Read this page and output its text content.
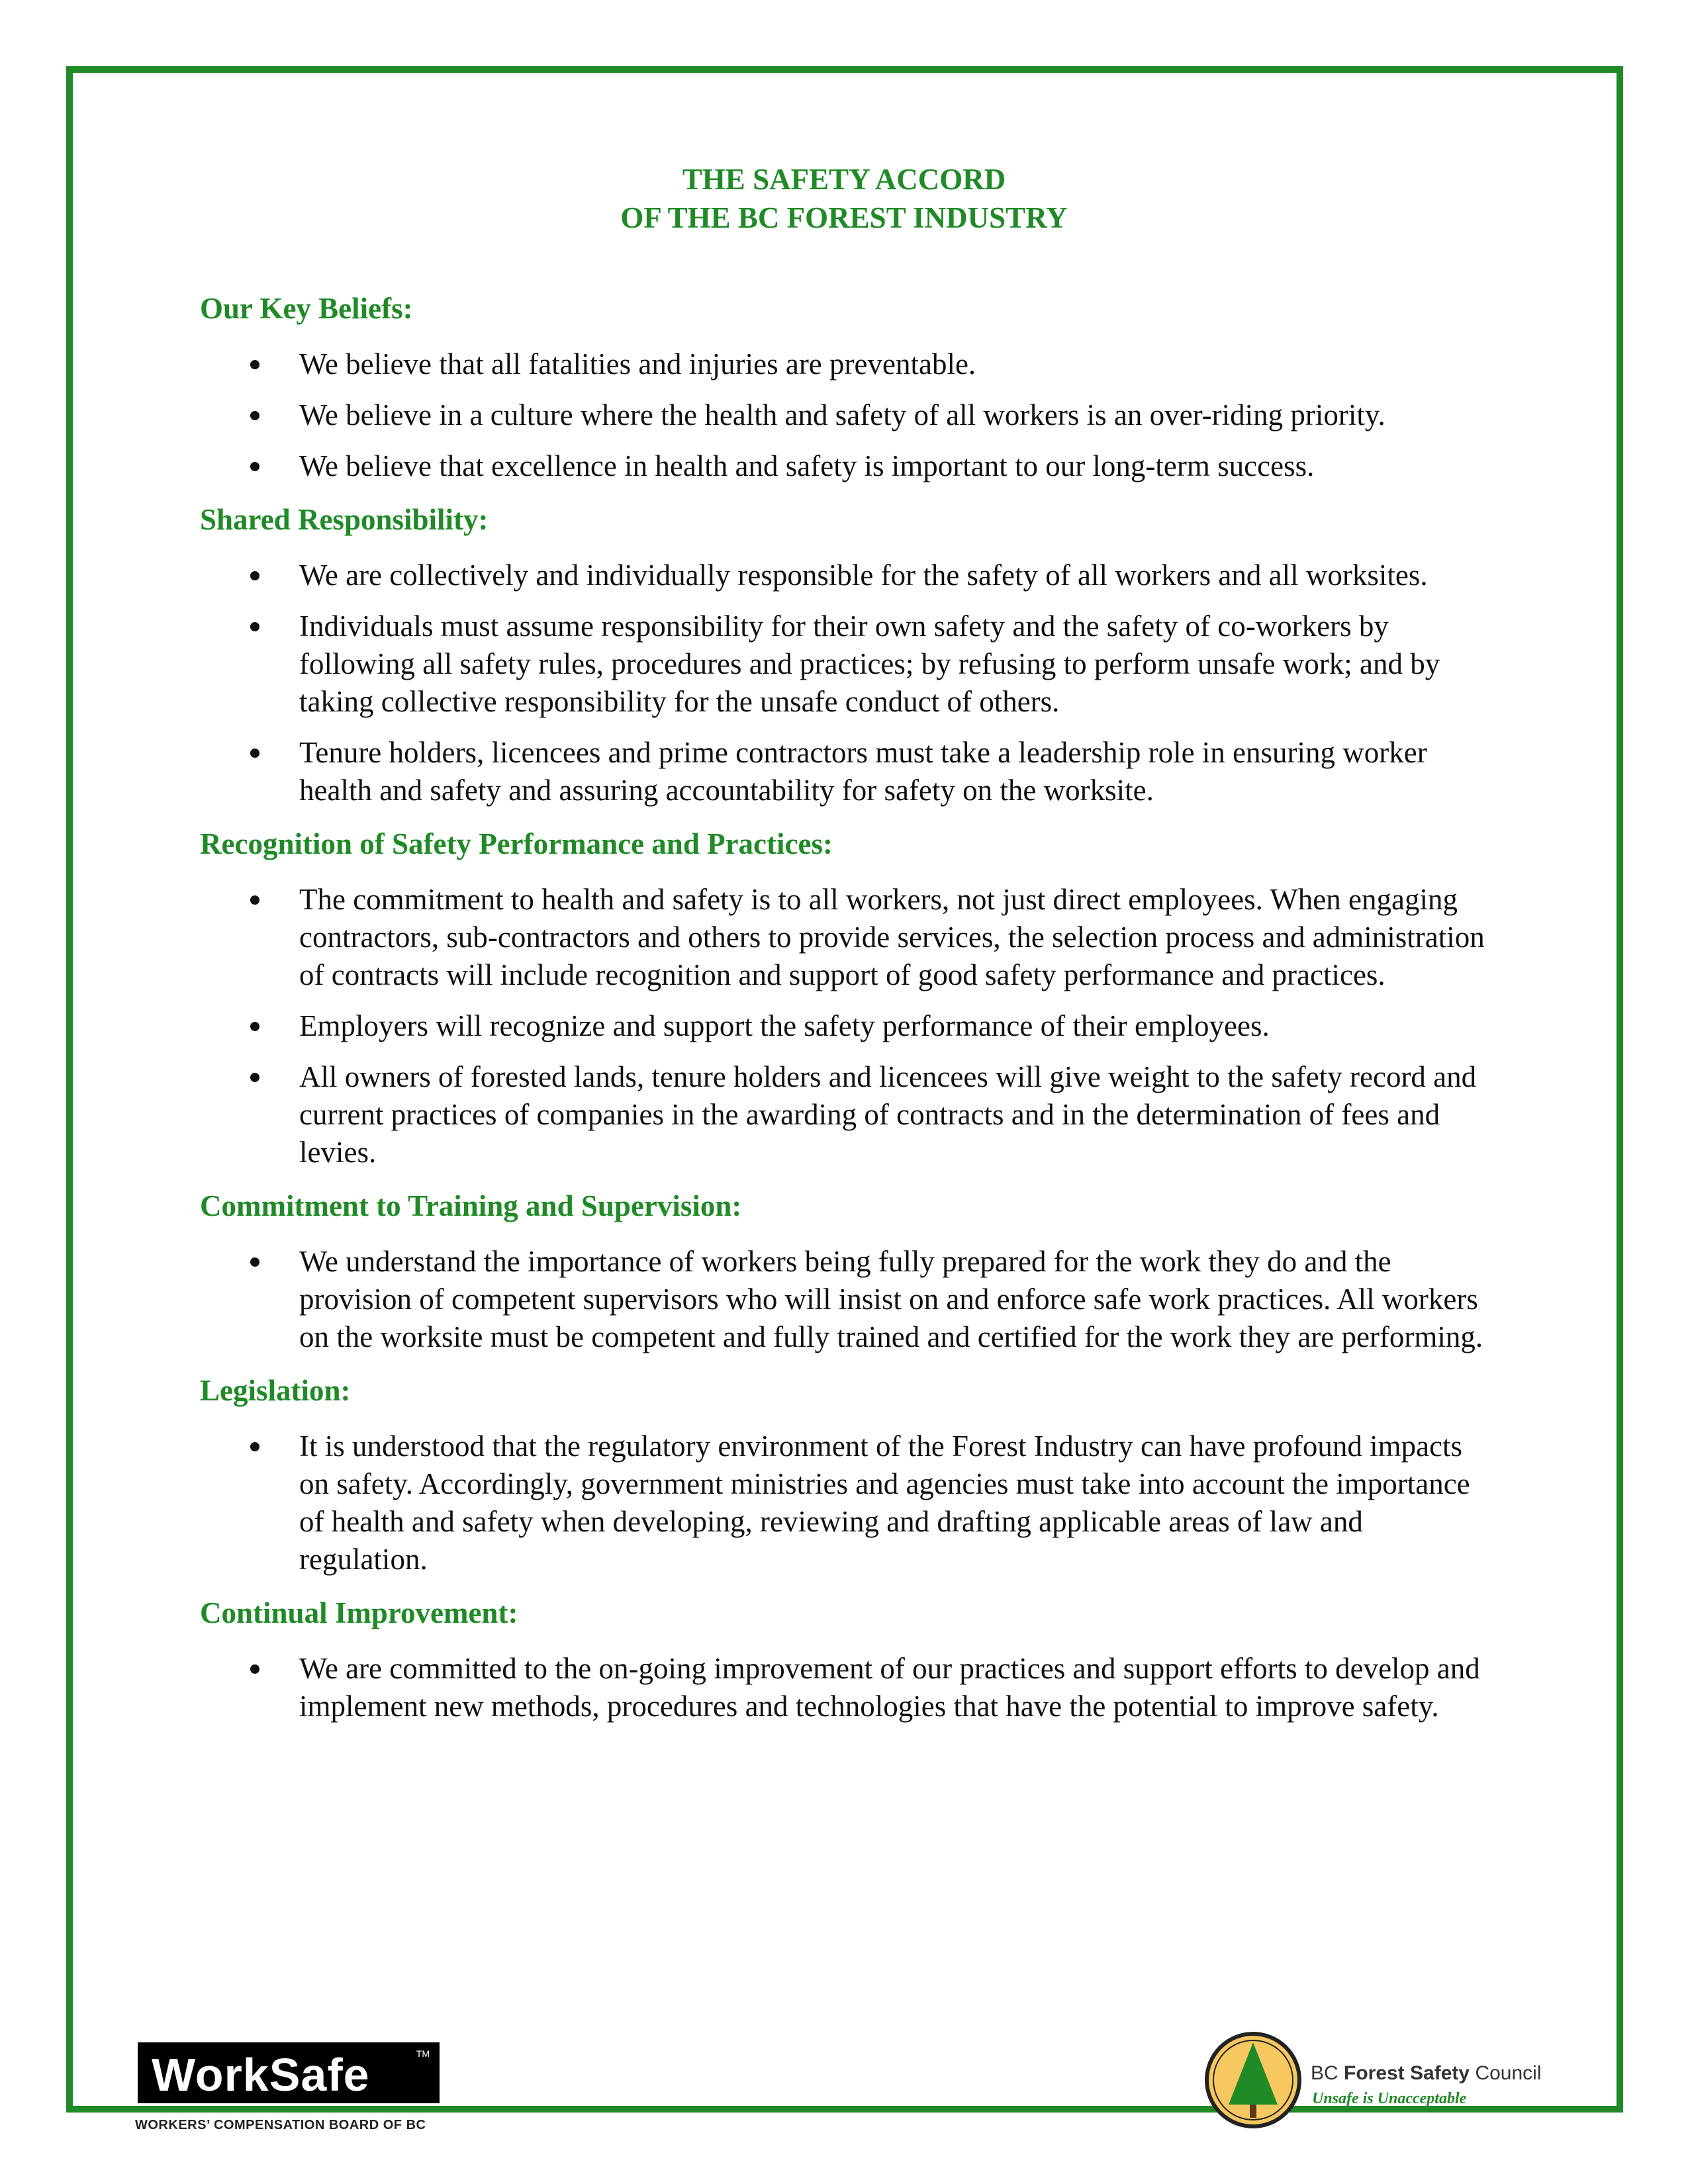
THE SAFETY ACCORD
OF THE BC FOREST INDUSTRY
Our Key Beliefs:
We believe that all fatalities and injuries are preventable.
We believe in a culture where the health and safety of all workers is an over-riding priority.
We believe that excellence in health and safety is important to our long-term success.
Shared Responsibility:
We are collectively and individually responsible for the safety of all workers and all worksites.
Individuals must assume responsibility for their own safety and the safety of co-workers by following all safety rules, procedures and practices; by refusing to perform unsafe work; and by taking collective responsibility for the unsafe conduct of others.
Tenure holders, licencees and prime contractors must take a leadership role in ensuring worker health and safety and assuring accountability for safety on the worksite.
Recognition of Safety Performance and Practices:
The commitment to health and safety is to all workers, not just direct employees. When engaging contractors, sub-contractors and others to provide services, the selection process and administration of contracts will include recognition and support of good safety performance and practices.
Employers will recognize and support the safety performance of their employees.
All owners of forested lands, tenure holders and licencees will give weight to the safety record and current practices of companies in the awarding of contracts and in the determination of fees and levies.
Commitment to Training and Supervision:
We understand the importance of workers being fully prepared for the work they do and the provision of competent supervisors who will insist on and enforce safe work practices. All workers on the worksite must be competent and fully trained and certified for the work they are performing.
Legislation:
It is understood that the regulatory environment of the Forest Industry can have profound impacts on safety. Accordingly, government ministries and agencies must take into account the importance of health and safety when developing, reviewing and drafting applicable areas of law and regulation.
Continual Improvement:
We are committed to the on-going improvement of our practices and support efforts to develop and implement new methods, procedures and technologies that have the potential to improve safety.
WorkSafe	TM
WORKERS’ COMPENSATION BOARD OF BC
BC Forest Safety Council
Unsafe is Unacceptable
